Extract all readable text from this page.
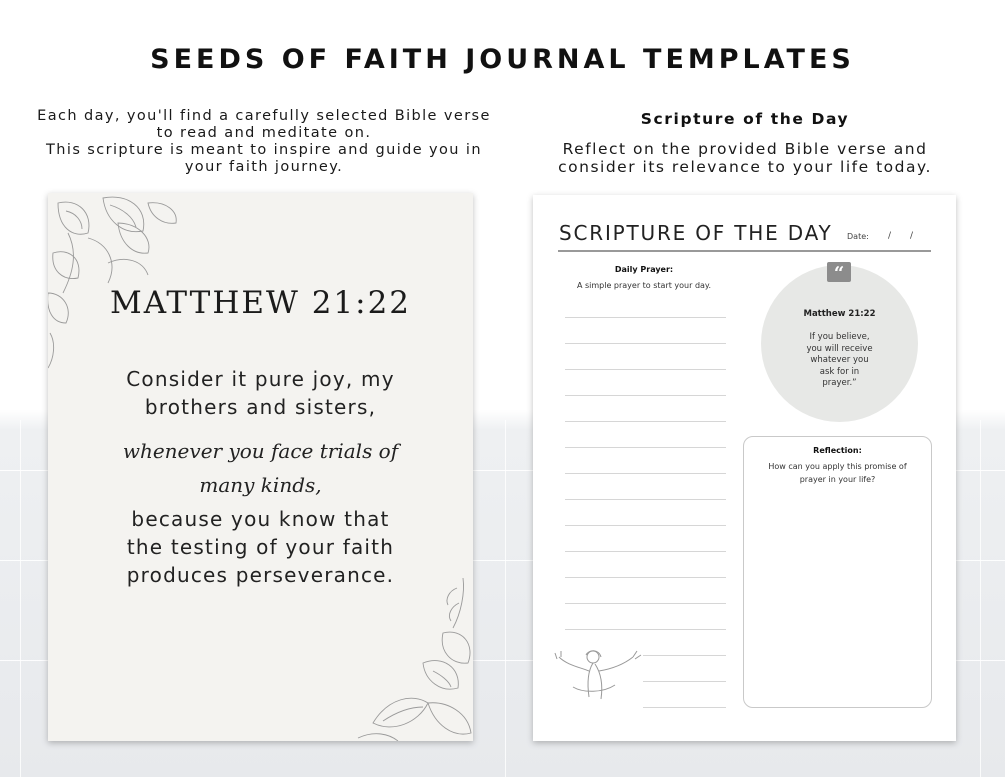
SEEDS OF FAITH JOURNAL TEMPLATES
Each day, you'll find a carefully selected Bible verse
to read and meditate on.
This scripture is meant to inspire and guide you in
your faith journey.
Scripture of the Day
Reflect on the provided Bible verse and
consider its relevance to your life today.
MATTHEW 21:22
Consider it pure joy, my
brothers and sisters,
whenever you face trials of
many kinds,
because you know that
the testing of your faith
produces perseverance.
SCRIPTURE OF THE DAY Date: / /
Daily Prayer:
A simple prayer to start your day.
“
Matthew 21:22
If you believe,
you will receive
whatever you
ask for in
prayer.”
Reflection:
How can you apply this promise of
prayer in your life?
